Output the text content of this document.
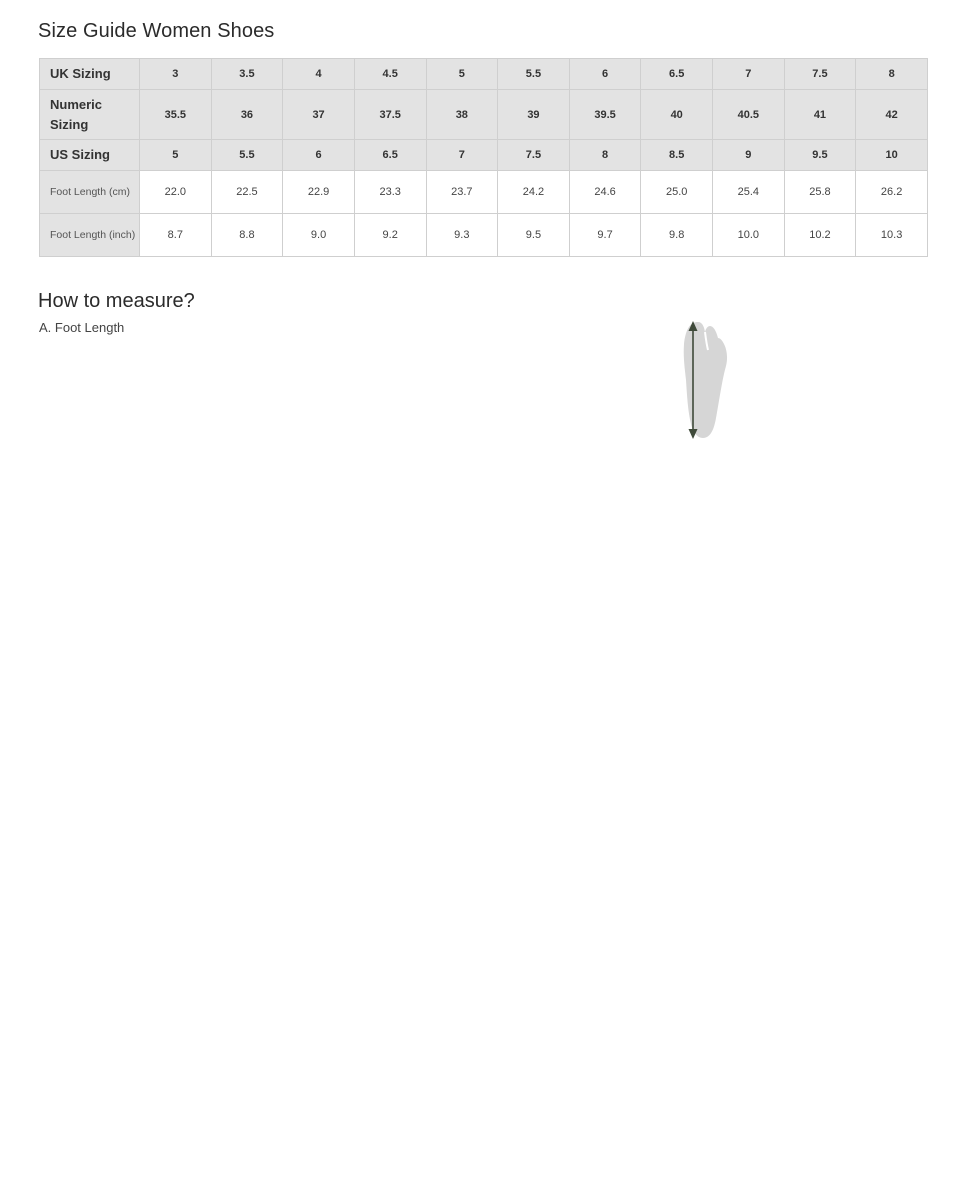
Size Guide Women Shoes
UK Sizing	3	3.5	4	4.5	5	5.5	6	6.5	7	7.5	8
Numeric Sizing	35.5	36	37	37.5	38	39	39.5	40	40.5	41	42
US Sizing	5	5.5	6	6.5	7	7.5	8	8.5	9	9.5	10
Foot Length (cm)	22.0	22.5	22.9	23.3	23.7	24.2	24.6	25.0	25.4	25.8	26.2
Foot Length (inch)	8.7	8.8	9.0	9.2	9.3	9.5	9.7	9.8	10.0	10.2	10.3
How to measure?
A. Foot Length
